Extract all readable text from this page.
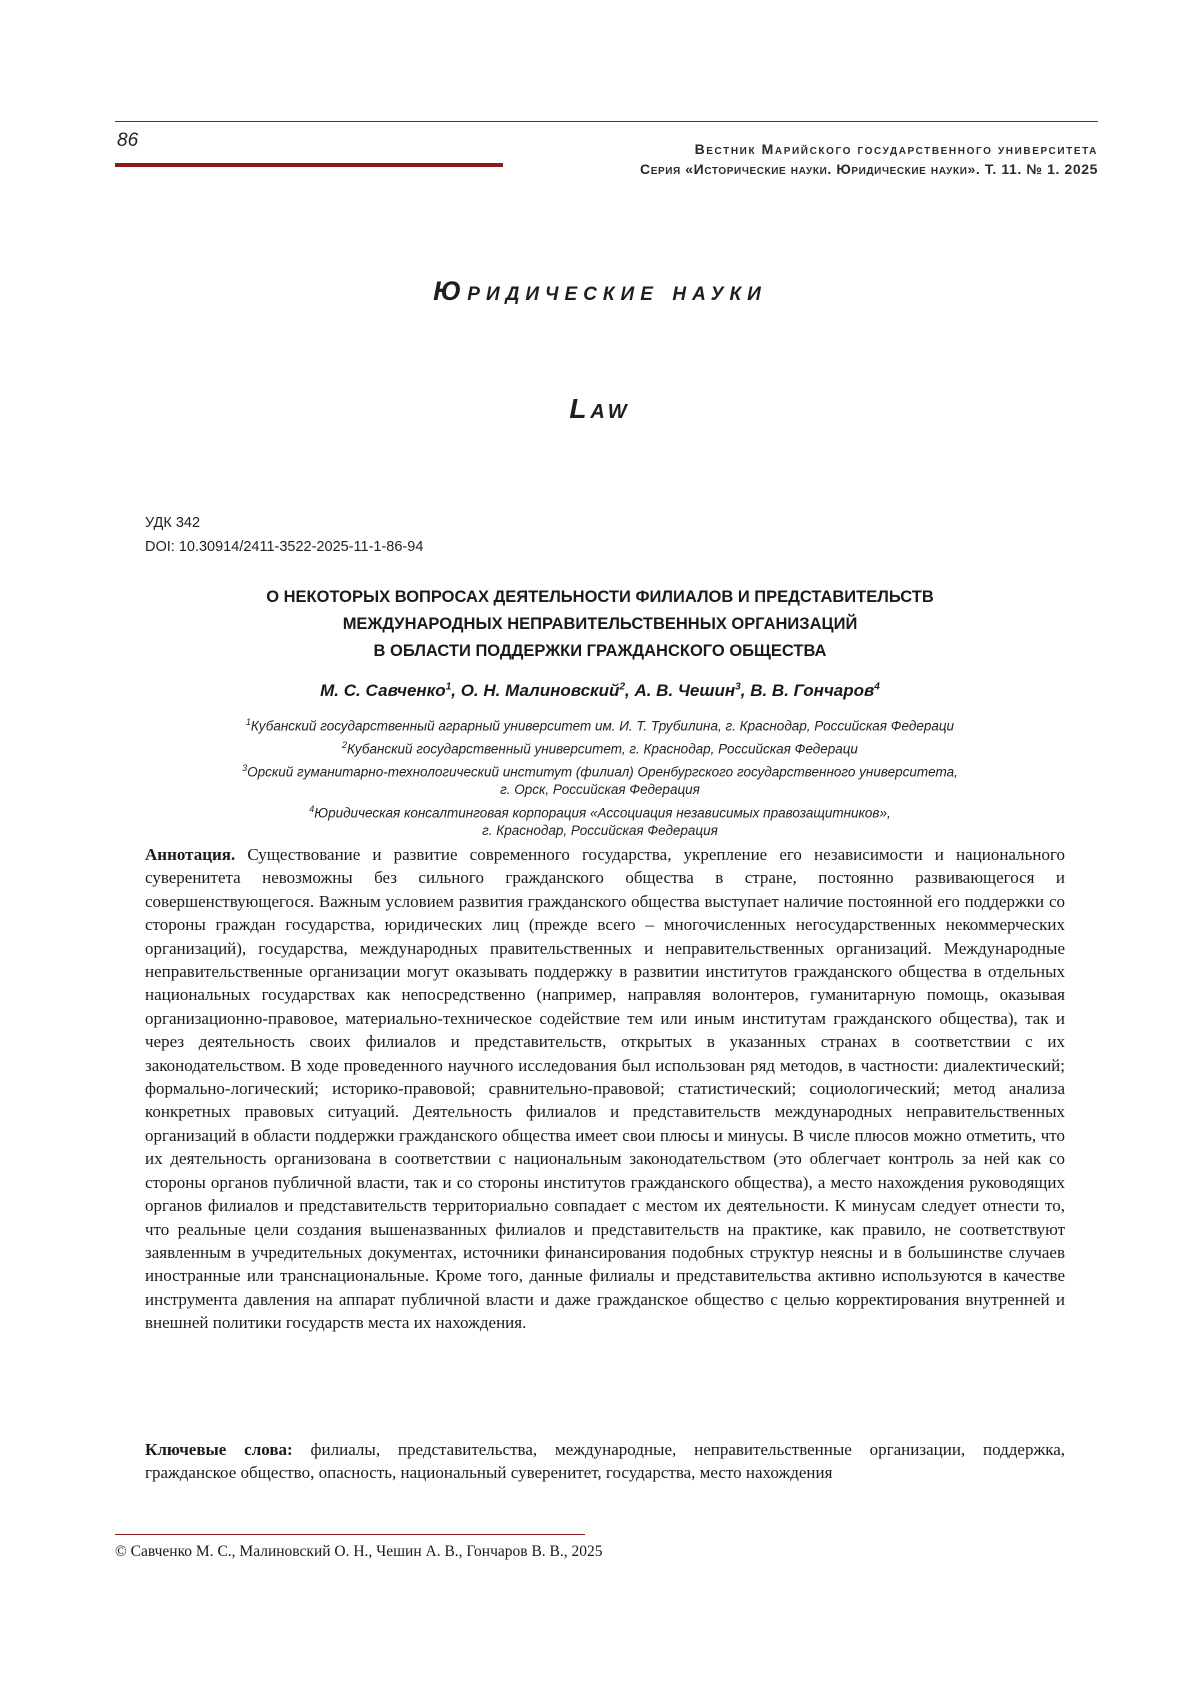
86	Вестник Марийского государственного университета
Серия «Исторические науки. Юридические науки». Т. 11. № 1. 2025
Юридические науки
Law
УДК 342
DOI: 10.30914/2411-3522-2025-11-1-86-94
О НЕКОТОРЫХ ВОПРОСАХ ДЕЯТЕЛЬНОСТИ ФИЛИАЛОВ И ПРЕДСТАВИТЕЛЬСТВ
МЕЖДУНАРОДНЫХ НЕПРАВИТЕЛЬСТВЕННЫХ ОРГАНИЗАЦИЙ
В ОБЛАСТИ ПОДДЕРЖКИ ГРАЖДАНСКОГО ОБЩЕСТВА
М. С. Савченко$^1$, О. Н. Малиновский$^2$, А. В. Чешин$^3$, В. В. Гончаров$^4$
$^1$Кубанский государственный аграрный университет им. И. Т. Трубилина, г. Краснодар, Российская Федераци
$^2$Кубанский государственный университет, г. Краснодар, Российская Федераци
$^3$Орский гуманитарно-технологический институт (филиал) Оренбургского государственного университета,
г. Орск, Российская Федерация
$^4$Юридическая консалтинговая корпорация «Ассоциация независимых правозащитников»,
г. Краснодар, Российская Федерация
Аннотация. Существование и развитие современного государства, укрепление его независимости и национального суверенитета невозможны без сильного гражданского общества в стране, постоянно развивающегося и совершенствующегося. Важным условием развития гражданского общества выступает наличие постоянной его поддержки со стороны граждан государства, юридических лиц (прежде всего – многочисленных негосударственных некоммерческих организаций), государства, международных правительственных и неправительственных организаций. Международные неправительственные организации могут оказывать поддержку в развитии институтов гражданского общества в отдельных национальных государствах как непосредственно (например, направляя волонтеров, гуманитарную помощь, оказывая организационно-правовое, материально-техническое содействие тем или иным институтам гражданского общества), так и через деятельность своих филиалов и представительств, открытых в указанных странах в соответствии с их законодательством. В ходе проведенного научного исследования был использован ряд методов, в частности: диалектический; формально-логический; историко-правовой; сравнительно-правовой; статистический; социологический; метод анализа конкретных правовых ситуаций. Деятельность филиалов и представительств международных неправительственных организаций в области поддержки гражданского общества имеет свои плюсы и минусы. В числе плюсов можно отметить, что их деятельность организована в соответствии с национальным законодательством (это облегчает контроль за ней как со стороны органов публичной власти, так и со стороны институтов гражданского общества), а место нахождения руководящих органов филиалов и представительств территориально совпадает с местом их деятельности. К минусам следует отнести то, что реальные цели создания вышеназванных филиалов и представительств на практике, как правило, не соответствуют заявленным в учредительных документах, источники финансирования подобных структур неясны и в большинстве случаев иностранные или транснациональные. Кроме того, данные филиалы и представительства активно используются в качестве инструмента давления на аппарат публичной власти и даже гражданское общество с целью корректирования внутренней и внешней политики государств места их нахождения.
Ключевые слова: филиалы, представительства, международные, неправительственные организации, поддержка, гражданское общество, опасность, национальный суверенитет, государства, место нахождения
© Савченко М. С., Малиновский О. Н., Чешин А. В., Гончаров В. В., 2025
